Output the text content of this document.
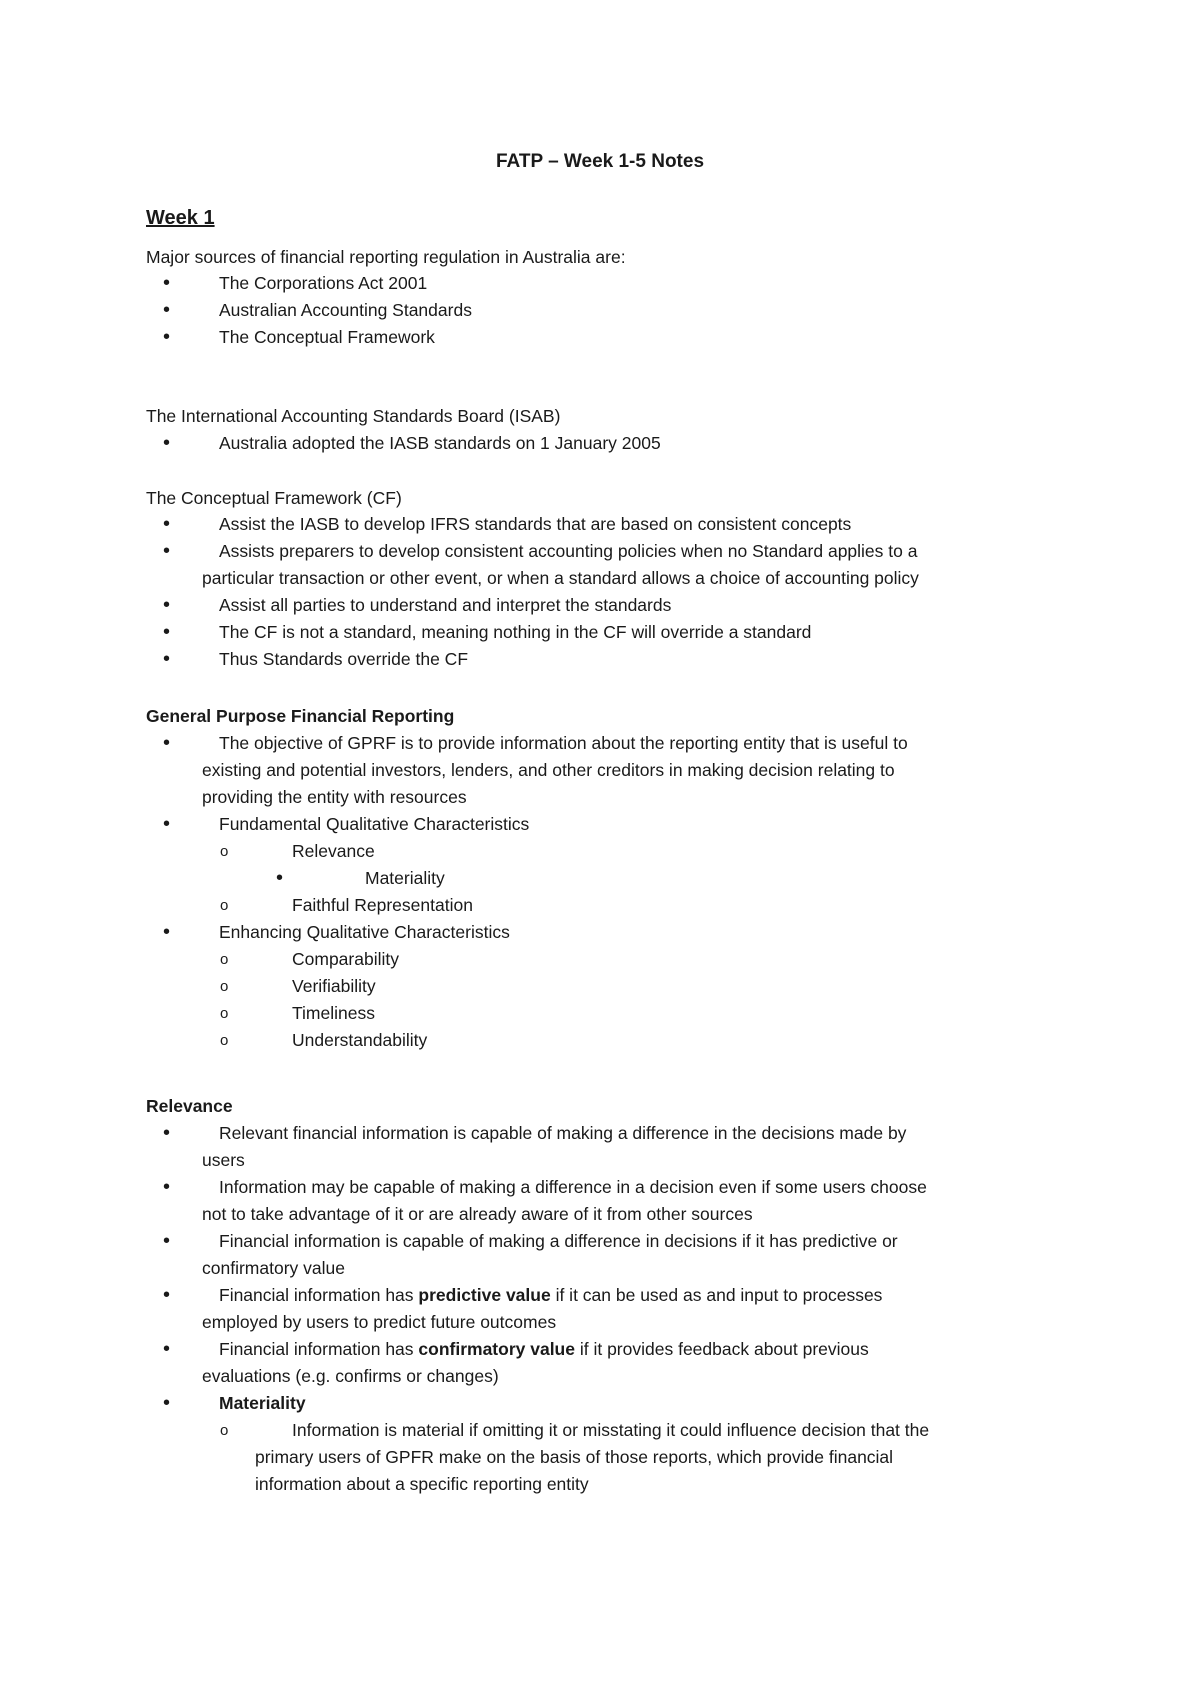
FATP – Week 1-5 Notes
Week 1
Major sources of financial reporting regulation in Australia are:
•	The Corporations Act 2001
•	Australian Accounting Standards
•	The Conceptual Framework
The International Accounting Standards Board (ISAB)
•	Australia adopted the IASB standards on 1 January 2005
The Conceptual Framework (CF)
•	Assist the IASB to develop IFRS standards that are based on consistent concepts
•	Assists preparers to develop consistent accounting policies when no Standard applies to a
particular transaction or other event, or when a standard allows a choice of accounting policy
•	Assist all parties to understand and interpret the standards
•	The CF is not a standard, meaning nothing in the CF will override a standard
•	Thus Standards override the CF
General Purpose Financial Reporting
•	The objective of GPRF is to provide information about the reporting entity that is useful to
existing and potential investors, lenders, and other creditors in making decision relating to
providing the entity with resources
•	Fundamental Qualitative Characteristics
o	Relevance
•	Materiality
o	Faithful Representation
•	Enhancing Qualitative Characteristics
o	Comparability
o	Verifiability
o	Timeliness
o	Understandability
Relevance
•	Relevant financial information is capable of making a difference in the decisions made by
users
•	Information may be capable of making a difference in a decision even if some users choose
not to take advantage of it or are already aware of it from other sources
•	Financial information is capable of making a difference in decisions if it has predictive or
confirmatory value
•	Financial information has predictive value if it can be used as and input to processes
employed by users to predict future outcomes
•	Financial information has confirmatory value if it provides feedback about previous
evaluations (e.g. confirms or changes)
•	Materiality
o	Information is material if omitting it or misstating it could influence decision that the
primary users of GPFR make on the basis of those reports, which provide financial
information about a specific reporting entity
